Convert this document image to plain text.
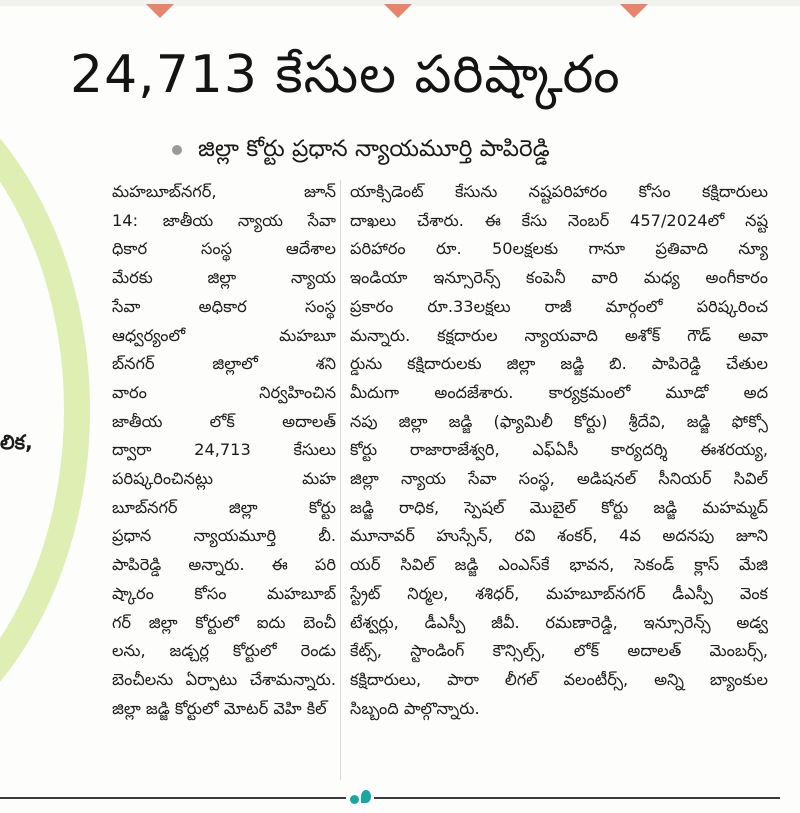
లిక,
24,713 కేసుల పరిష్కారం
జిల్లా కోర్టు ప్రధాన న్యాయమూర్తి పాపిరెడ్డి
మహబూబ్‌నగర్, జూన్
14: జాతీయ న్యాయ సేవా
ధికార సంస్థ ఆదేశాల
మేరకు జిల్లా న్యాయ
సేవా అధికార సంస్థ
ఆధ్వర్యంలో మహబూ
బ్‌నగర్ జిల్లాలో శని
వారం నిర్వహించిన
జాతీయ లోక్ అదాలత్
ద్వారా 24,713 కేసులు
పరిష్కరించినట్లు మహ
బూబ్‌నగర్ జిల్లా కోర్టు
ప్రధాన న్యాయమూర్తి బీ.
పాపిరెడ్డి అన్నారు. ఈ పరి
ష్కారం కోసం మహబూబ్
గర్ జిల్లా కోర్టులో ఐదు బెంచీ
లను, జడ్చర్ల కోర్టులో రెండు
బెంచీలను ఏర్పాటు చేశామన్నారు.
జిల్లా జడ్జి కోర్టులో మోటర్ వెహి కిల్
యాక్సిడెంట్ కేసును నష్టపరిహారం కోసం కక్షిదారులు
దాఖలు చేశారు. ఈ కేసు నెంబర్ 457/2024లో నష్ట
పరిహారం రూ. 50లక్షలకు గానూ ప్రతివాది న్యూ
ఇండియా ఇన్సూరెన్స్ కంపెనీ వారి మధ్య అంగీకారం
ప్రకారం రూ.33లక్షలు రాజీ మార్గంలో పరిష్కరించ
మన్నారు. కక్షదారుల న్యాయవాది అశోక్ గౌడ్ అవా
ర్డును కక్షిదారులకు జిల్లా జడ్జి బి. పాపిరెడ్డి చేతుల
మీదుగా అందజేశారు. కార్యక్రమంలో మూడో అద
నపు జిల్లా జడ్జి (ఫ్యామిలీ కోర్టు) శ్రీదేవి, జడ్జి ఫోక్సో
కోర్టు రాజారాజేశ్వరి, ఎఫ్ఏసీ కార్యదర్శి ఈశరయ్య,
జిల్లా న్యాయ సేవా సంస్థ, అడిషనల్ సీనియర్ సివిల్
జడ్జి రాధిక, స్పెషల్ మొబైల్ కోర్టు జడ్జి మహమ్మద్
మూనావర్ హుస్సేన్, రవి శంకర్, 4వ అదనపు జూని
యర్ సివిల్ జడ్జి ఎంఎస్‌కే భావన, సెకండ్ క్లాస్ మేజి
స్ట్రేట్ నిర్మల, శశిధర్, మహబూబ్‌నగర్ డీఎస్పీ వెంక
టేశ్వర్లు, డీఎస్పీ జీవీ. రమణారెడ్డి, ఇన్సూరెన్స్ అడ్వ
కేట్స్, స్టాండింగ్ కౌన్సిల్స్, లోక్ అదాలత్ మెంబర్స్,
కక్షిదారులు, పారా లీగల్ వలంటీర్స్, అన్ని బ్యాంకుల
సిబ్బంది పాల్గొన్నారు.
